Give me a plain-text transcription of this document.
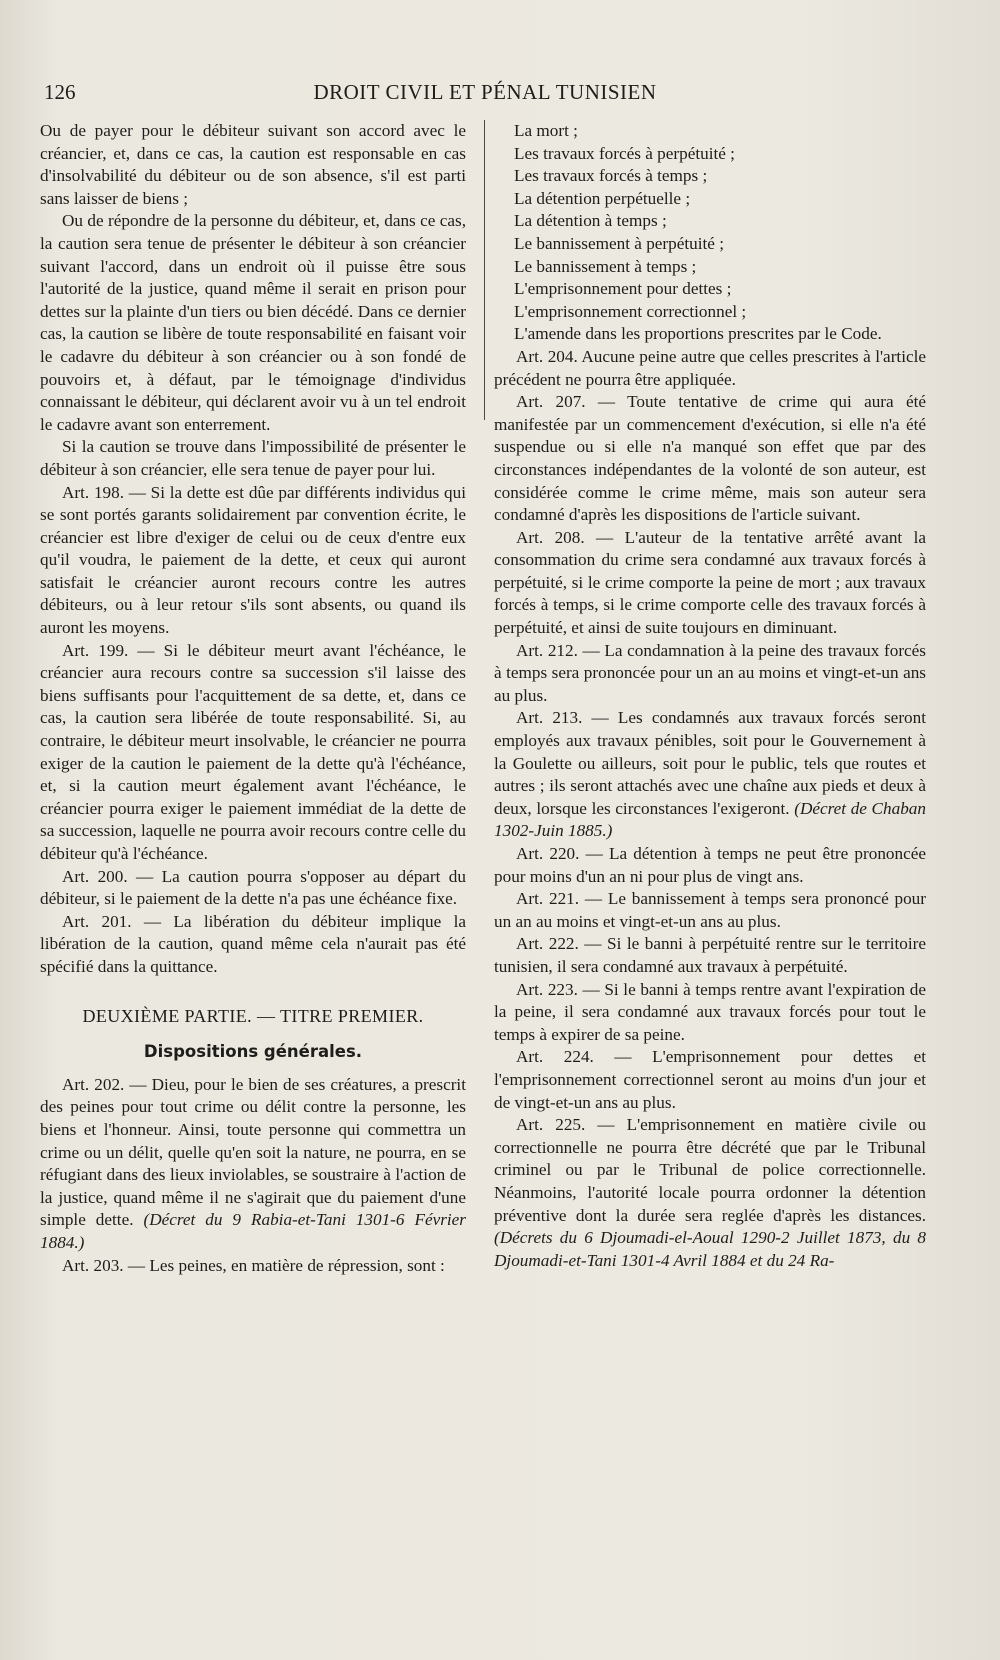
126	DROIT CIVIL ET PÉNAL TUNISIEN

Ou de payer pour le débiteur suivant son accord avec le créancier, et, dans ce cas, la caution est responsable en cas d'insolvabilité du débiteur ou de son absence, s'il est parti sans laisser de biens ;

Ou de répondre de la personne du débiteur, et, dans ce cas, la caution sera tenue de présenter le débiteur à son créancier suivant l'accord, dans un endroit où il puisse être sous l'autorité de la justice, quand même il serait en prison pour dettes sur la plainte d'un tiers ou bien décédé. Dans ce dernier cas, la caution se libère de toute responsabilité en faisant voir le cadavre du débiteur à son créancier ou à son fondé de pouvoirs et, à défaut, par le témoignage d'individus connaissant le débiteur, qui déclarent avoir vu à un tel endroit le cadavre avant son enterrement.

Si la caution se trouve dans l'impossibilité de présenter le débiteur à son créancier, elle sera tenue de payer pour lui.

Art. 198. — Si la dette est dûe par différents individus qui se sont portés garants solidairement par convention écrite, le créancier est libre d'exiger de celui ou de ceux d'entre eux qu'il voudra, le paiement de la dette, et ceux qui auront satisfait le créancier auront recours contre les autres débiteurs, ou à leur retour s'ils sont absents, ou quand ils auront les moyens.

Art. 199. — Si le débiteur meurt avant l'échéance, le créancier aura recours contre sa succession s'il laisse des biens suffisants pour l'acquittement de sa dette, et, dans ce cas, la caution sera libérée de toute responsabilité. Si, au contraire, le débiteur meurt insolvable, le créancier ne pourra exiger de la caution le paiement de la dette qu'à l'échéance, et, si la caution meurt également avant l'échéance, le créancier pourra exiger le paiement immédiat de la dette de sa succession, laquelle ne pourra avoir recours contre celle du débiteur qu'à l'échéance.

Art. 200. — La caution pourra s'opposer au départ du débiteur, si le paiement de la dette n'a pas une échéance fixe.

Art. 201. — La libération du débiteur implique la libération de la caution, quand même cela n'aurait pas été spécifié dans la quittance.

DEUXIÈME PARTIE. — TITRE PREMIER.
Dispositions générales.

Art. 202. — Dieu, pour le bien de ses créatures, a prescrit des peines pour tout crime ou délit contre la personne, les biens et l'honneur. Ainsi, toute personne qui commettra un crime ou un délit, quelle qu'en soit la nature, ne pourra, en se réfugiant dans des lieux inviolables, se soustraire à l'action de la justice, quand même il ne s'agirait que du paiement d'une simple dette. (Décret du 9 Rabia-et-Tani 1301-6 Février 1884.)

Art. 203. — Les peines, en matière de répression, sont :

La mort ;

Les travaux forcés à perpétuité ;

Les travaux forcés à temps ;

La détention perpétuelle ;

La détention à temps ;

Le bannissement à perpétuité ;

Le bannissement à temps ;

L'emprisonnement pour dettes ;

L'emprisonnement correctionnel ;

L'amende dans les proportions prescrites par le Code.

Art. 204. Aucune peine autre que celles prescrites à l'article précédent ne pourra être appliquée.

Art. 207. — Toute tentative de crime qui aura été manifestée par un commencement d'exécution, si elle n'a été suspendue ou si elle n'a manqué son effet que par des circonstances indépendantes de la volonté de son auteur, est considérée comme le crime même, mais son auteur sera condamné d'après les dispositions de l'article suivant.

Art. 208. — L'auteur de la tentative arrêté avant la consommation du crime sera condamné aux travaux forcés à perpétuité, si le crime comporte la peine de mort ; aux travaux forcés à temps, si le crime comporte celle des travaux forcés à perpétuité, et ainsi de suite toujours en diminuant.

Art. 212. — La condamnation à la peine des travaux forcés à temps sera prononcée pour un an au moins et vingt-et-un ans au plus.

Art. 213. — Les condamnés aux travaux forcés seront employés aux travaux pénibles, soit pour le Gouvernement à la Goulette ou ailleurs, soit pour le public, tels que routes et autres ; ils seront attachés avec une chaîne aux pieds et deux à deux, lorsque les circonstances l'exigeront. (Décret de Chaban 1302-Juin 1885.)

Art. 220. — La détention à temps ne peut être prononcée pour moins d'un an ni pour plus de vingt ans.

Art. 221. — Le bannissement à temps sera prononcé pour un an au moins et vingt-et-un ans au plus.

Art. 222. — Si le banni à perpétuité rentre sur le territoire tunisien, il sera condamné aux travaux à perpétuité.

Art. 223. — Si le banni à temps rentre avant l'expiration de la peine, il sera condamné aux travaux forcés pour tout le temps à expirer de sa peine.

Art. 224. — L'emprisonnement pour dettes et l'emprisonnement correctionnel seront au moins d'un jour et de vingt-et-un ans au plus.

Art. 225. — L'emprisonnement en matière civile ou correctionnelle ne pourra être décrété que par le Tribunal criminel ou par le Tribunal de police correctionnelle. Néanmoins, l'autorité locale pourra ordonner la détention préventive dont la durée sera reglée d'après les distances. (Décrets du 6 Djoumadi-el-Aoual 1290-2 Juillet 1873, du 8 Djoumadi-et-Tani 1301-4 Avril 1884 et du 24 Ra-
